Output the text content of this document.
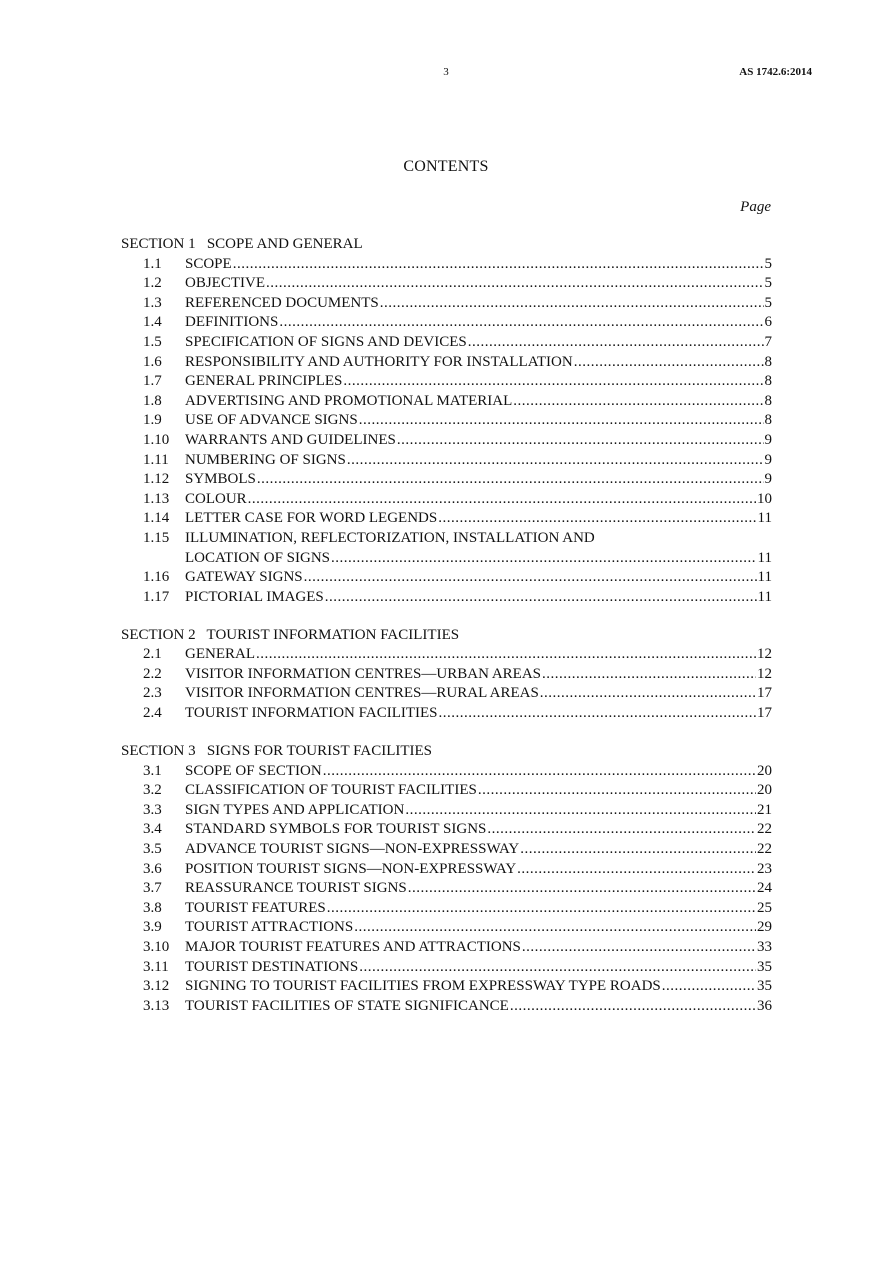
3	AS 1742.6:2014
CONTENTS
Page
SECTION 1   SCOPE AND GENERAL
1.1	SCOPE .....	5
1.2	OBJECTIVE .....	5
1.3	REFERENCED DOCUMENTS .....	5
1.4	DEFINITIONS .....	6
1.5	SPECIFICATION OF SIGNS AND DEVICES .....	7
1.6	RESPONSIBILITY AND AUTHORITY FOR INSTALLATION .....	8
1.7	GENERAL PRINCIPLES .....	8
1.8	ADVERTISING AND PROMOTIONAL MATERIAL .....	8
1.9	USE OF ADVANCE SIGNS .....	8
1.10	WARRANTS AND GUIDELINES .....	9
1.11	NUMBERING OF SIGNS .....	9
1.12	SYMBOLS .....	9
1.13	COLOUR .....	10
1.14	LETTER CASE FOR WORD LEGENDS .....	11
1.15	ILLUMINATION, REFLECTORIZATION, INSTALLATION AND
LOCATION OF SIGNS .....	11
1.16	GATEWAY SIGNS .....	11
1.17	PICTORIAL IMAGES .....	11
SECTION 2   TOURIST INFORMATION FACILITIES
2.1	GENERAL .....	12
2.2	VISITOR INFORMATION CENTRES—URBAN AREAS .....	12
2.3	VISITOR INFORMATION CENTRES—RURAL AREAS .....	17
2.4	TOURIST INFORMATION FACILITIES .....	17
SECTION 3   SIGNS FOR TOURIST FACILITIES
3.1	SCOPE OF SECTION .....	20
3.2	CLASSIFICATION OF TOURIST FACILITIES .....	20
3.3	SIGN TYPES AND APPLICATION .....	21
3.4	STANDARD SYMBOLS FOR TOURIST SIGNS .....	22
3.5	ADVANCE TOURIST SIGNS—NON-EXPRESSWAY .....	22
3.6	POSITION TOURIST SIGNS—NON-EXPRESSWAY .....	23
3.7	REASSURANCE TOURIST SIGNS .....	24
3.8	TOURIST FEATURES .....	25
3.9	TOURIST ATTRACTIONS .....	29
3.10	MAJOR TOURIST FEATURES AND ATTRACTIONS .....	33
3.11	TOURIST DESTINATIONS .....	35
3.12	SIGNING TO TOURIST FACILITIES FROM EXPRESSWAY TYPE ROADS .....	35
3.13	TOURIST FACILITIES OF STATE SIGNIFICANCE .....	36
